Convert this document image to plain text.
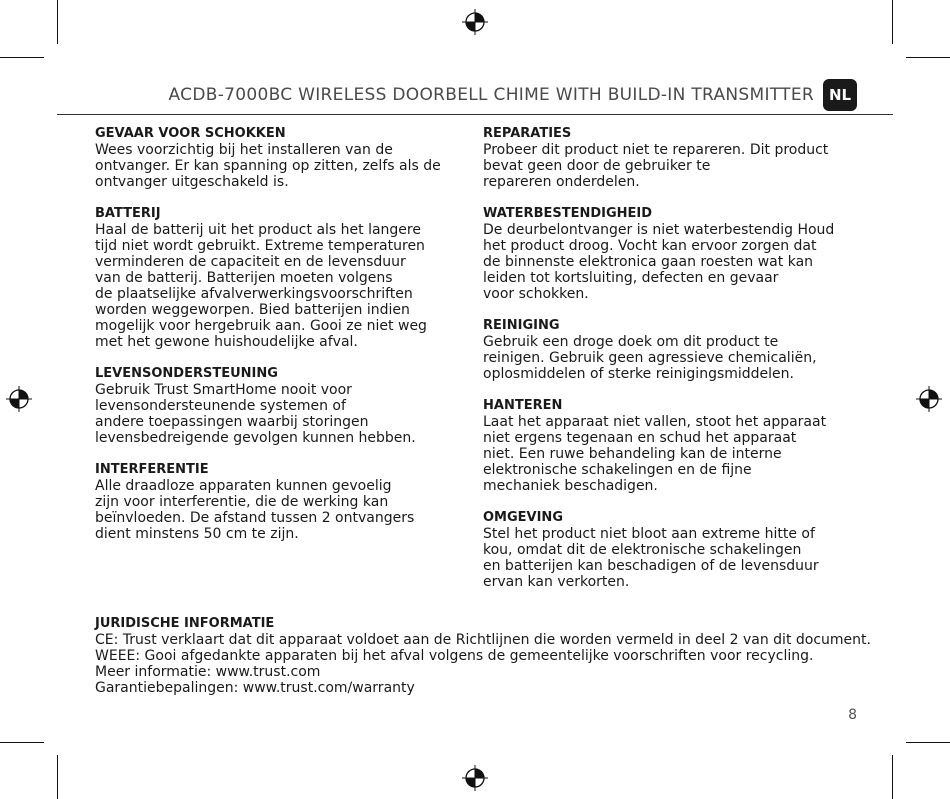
ACDB-7000BC WIRELESS DOORBELL CHIME WITH BUILD-IN TRANSMITTER NL
GEVAAR VOOR SCHOKKEN

Wees voorzichtig bij het installeren van de
ontvanger. Er kan spanning op zitten, zelfs als de
ontvanger uitgeschakeld is.

BATTERIJ

Haal de batterij uit het product als het langere
tijd niet wordt gebruikt. Extreme temperaturen
verminderen de capaciteit en de levensduur
van de batterij. Batterijen moeten volgens
de plaatselijke afvalverwerkingsvoorschriften
worden weggeworpen. Bied batterijen indien
mogelijk voor hergebruik aan. Gooi ze niet weg
met het gewone huishoudelijke afval.

LEVENSONDERSTEUNING

Gebruik Trust SmartHome nooit voor
levensondersteunende systemen of
andere toepassingen waarbij storingen
levensbedreigende gevolgen kunnen hebben.

INTERFERENTIE

Alle draadloze apparaten kunnen gevoelig
zijn voor interferentie, die de werking kan
beïnvloeden. De afstand tussen 2 ontvangers
dient minstens 50 cm te zijn.

REPARATIES

Probeer dit product niet te repareren. Dit product
bevat geen door de gebruiker te
repareren onderdelen.

WATERBESTENDIGHEID

De deurbelontvanger is niet waterbestendig Houd
het product droog. Vocht kan ervoor zorgen dat
de binnenste elektronica gaan roesten wat kan
leiden tot kortsluiting, defecten en gevaar
voor schokken.

REINIGING

Gebruik een droge doek om dit product te
reinigen. Gebruik geen agressieve chemicaliën,
oplosmiddelen of sterke reinigingsmiddelen.

HANTEREN

Laat het apparaat niet vallen, stoot het apparaat
niet ergens tegenaan en schud het apparaat
niet. Een ruwe behandeling kan de interne
elektronische schakelingen en de fijne
mechaniek beschadigen.

OMGEVING

Stel het product niet bloot aan extreme hitte of
kou, omdat dit de elektronische schakelingen
en batterijen kan beschadigen of de levensduur
ervan kan verkorten.

JURIDISCHE INFORMATIE

CE: Trust verklaart dat dit apparaat voldoet aan de Richtlijnen die worden vermeld in deel 2 van dit document.

WEEE: Gooi afgedankte apparaten bij het afval volgens de gemeentelijke voorschriften voor recycling.

Meer informatie: www.trust.com

Garantiebepalingen: www.trust.com/warranty

8
